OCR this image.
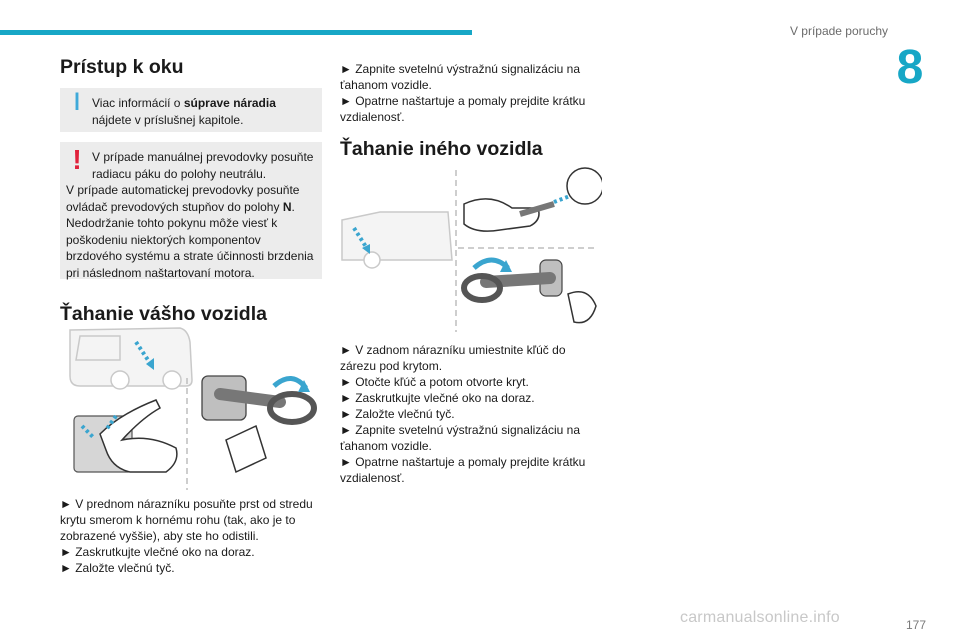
V prípade poruchy
8
Prístup k oku
ǀ Viac informácií o súprave náradia nájdete v príslušnej kapitole.
! V prípade manuálnej prevodovky posuňte radiacu páku do polohy neutrálu.
V prípade automatickej prevodovky posuňte ovládač prevodových stupňov do polohy N.
Nedodržanie tohto pokynu môže viesť k poškodeniu niektorých komponentov brzdového systému a strate účinnosti brzdenia pri následnom naštartovaní motora.
Ťahanie vášho vozidla

► V prednom nárazníku posuňte prst od stredu krytu smerom k hornému rohu (tak, ako je to zobrazené vyššie), aby ste ho odistili.

► Zaskrutkujte vlečné oko na doraz.

► Založte vlečnú tyč.

► Zapnite svetelnú výstražnú signalizáciu na ťahanom vozidle.

► Opatrne naštartuje a pomaly prejdite krátku vzdialenosť.

Ťahanie iného vozidla

► V zadnom nárazníku umiestnite kľúč do zárezu pod krytom.

► Otočte kľúč a potom otvorte kryt.

► Zaskrutkujte vlečné oko na doraz.

► Založte vlečnú tyč.

► Zapnite svetelnú výstražnú signalizáciu na ťahanom vozidle.

► Opatrne naštartuje a pomaly prejdite krátku vzdialenosť.

carmanualsonline.info	177
